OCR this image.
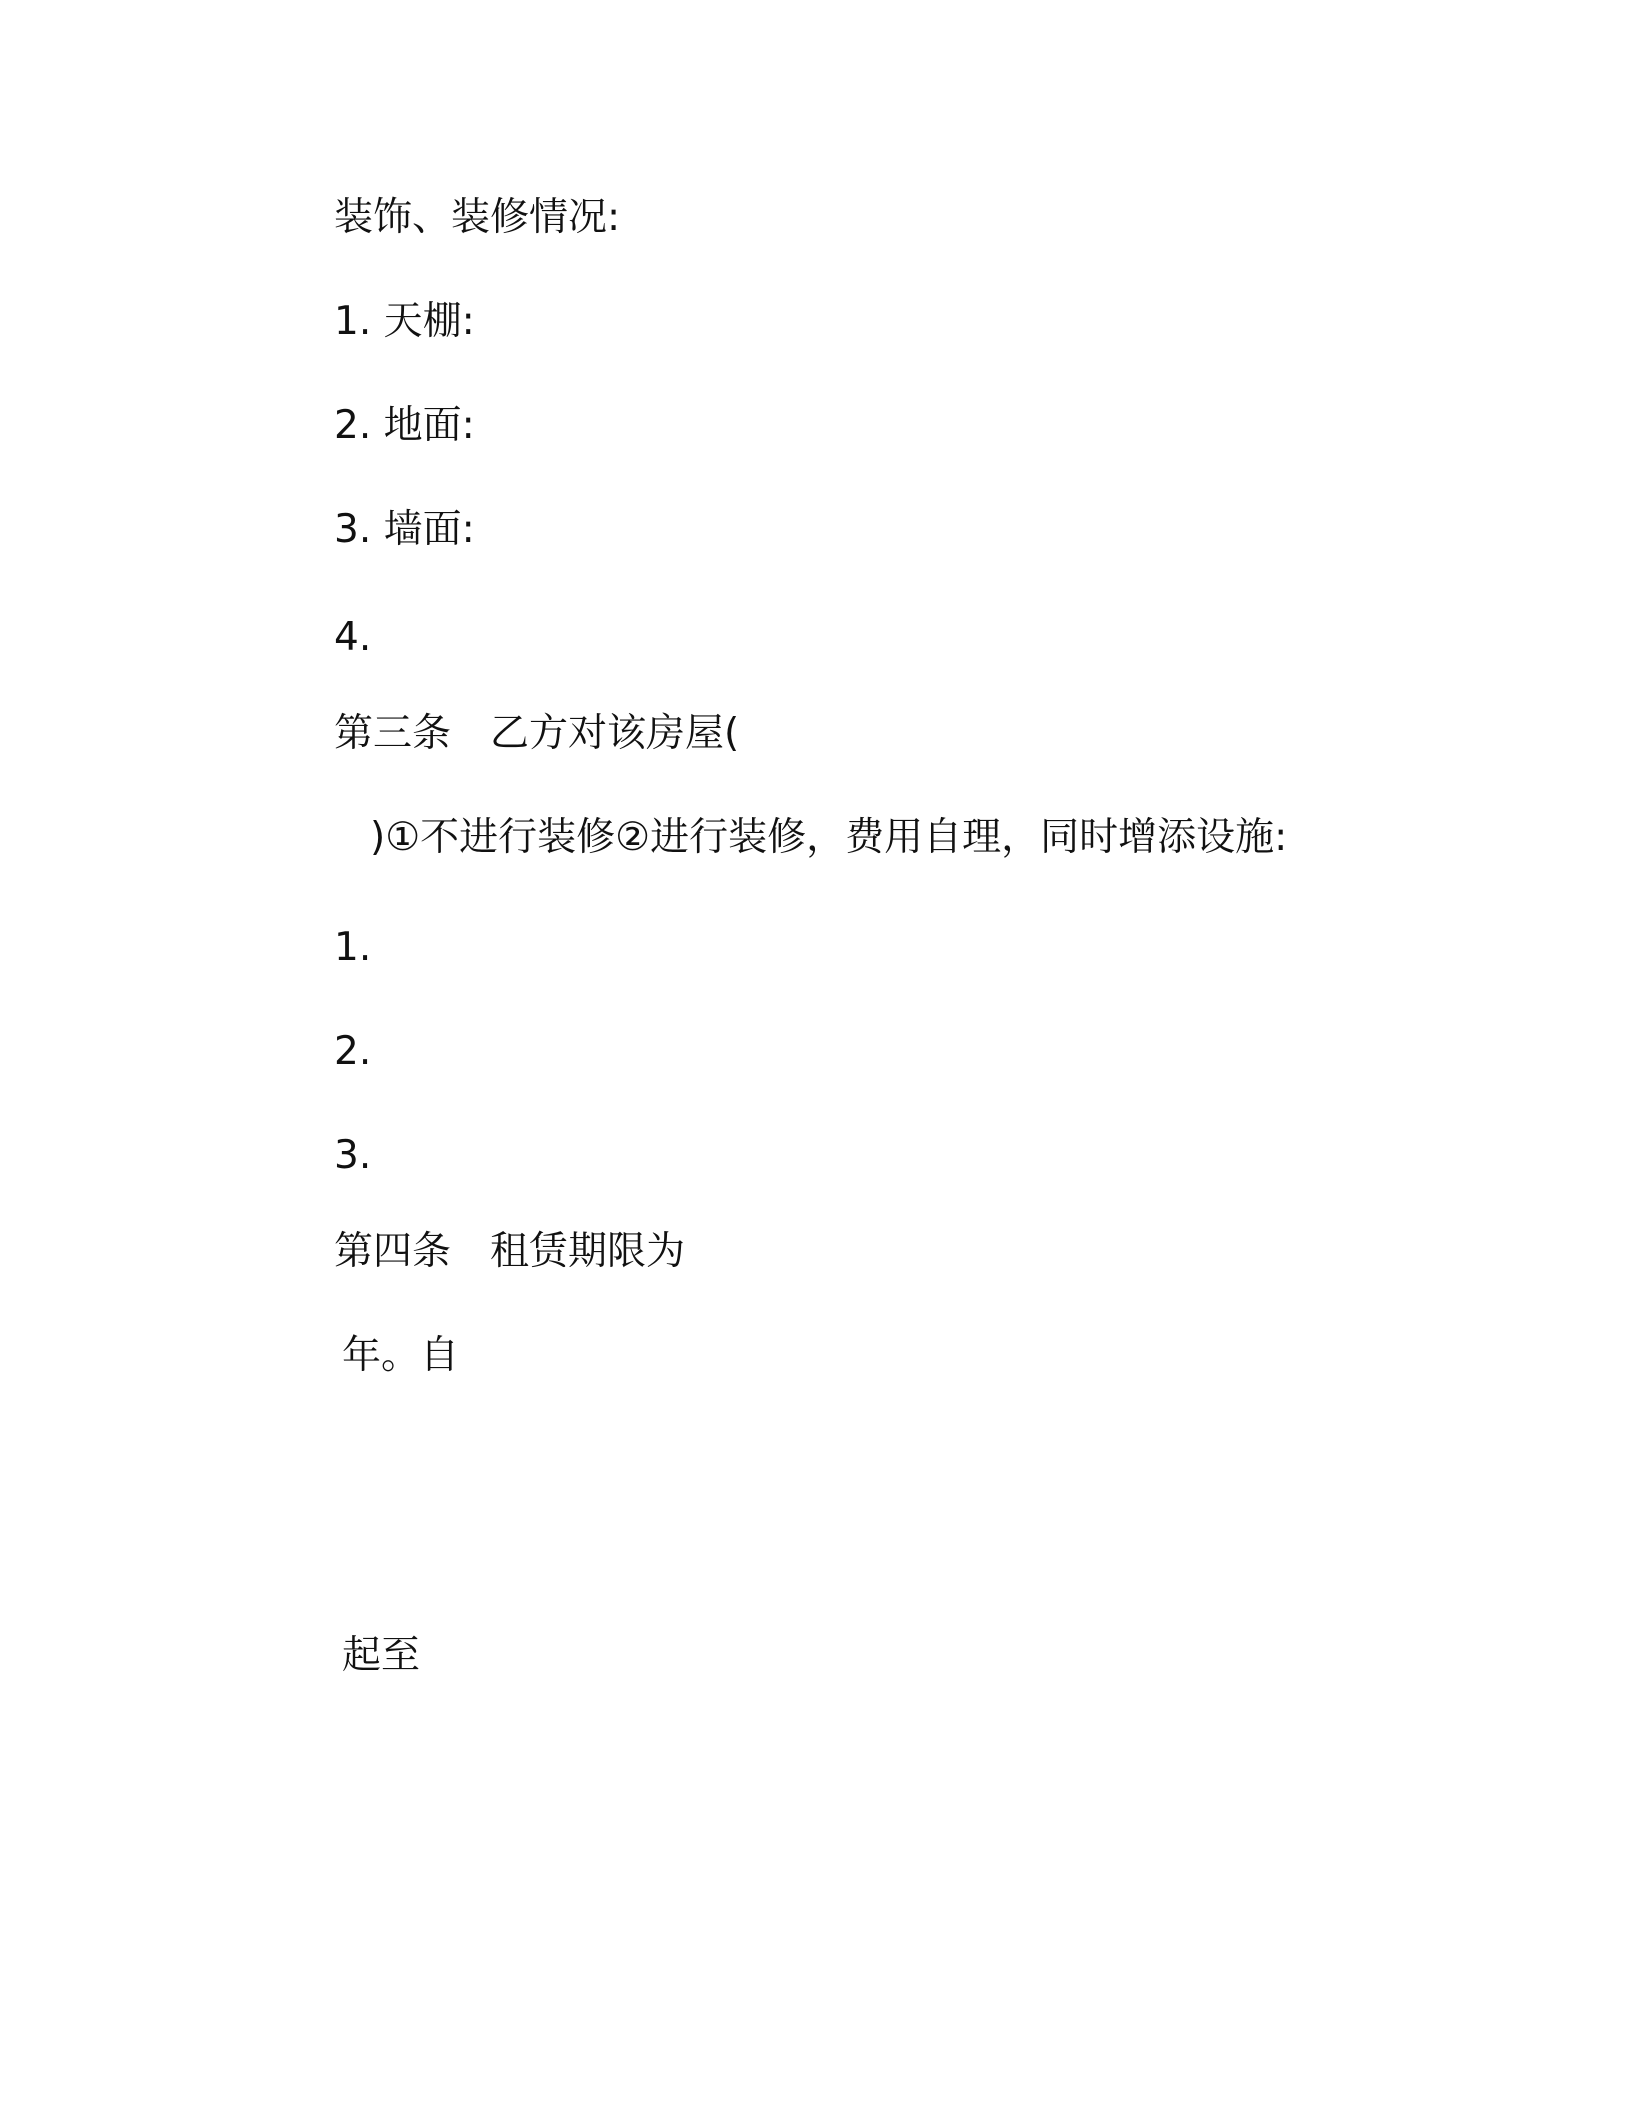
装饰、装修情况:
1. 天棚:
2. 地面:
3. 墙面:
4.
第三条　乙方对该房屋(
)①不进行装修②进行装修，费用自理，同时增添设施:
1.
2.
3.
第四条　租赁期限为
年。自
起至
